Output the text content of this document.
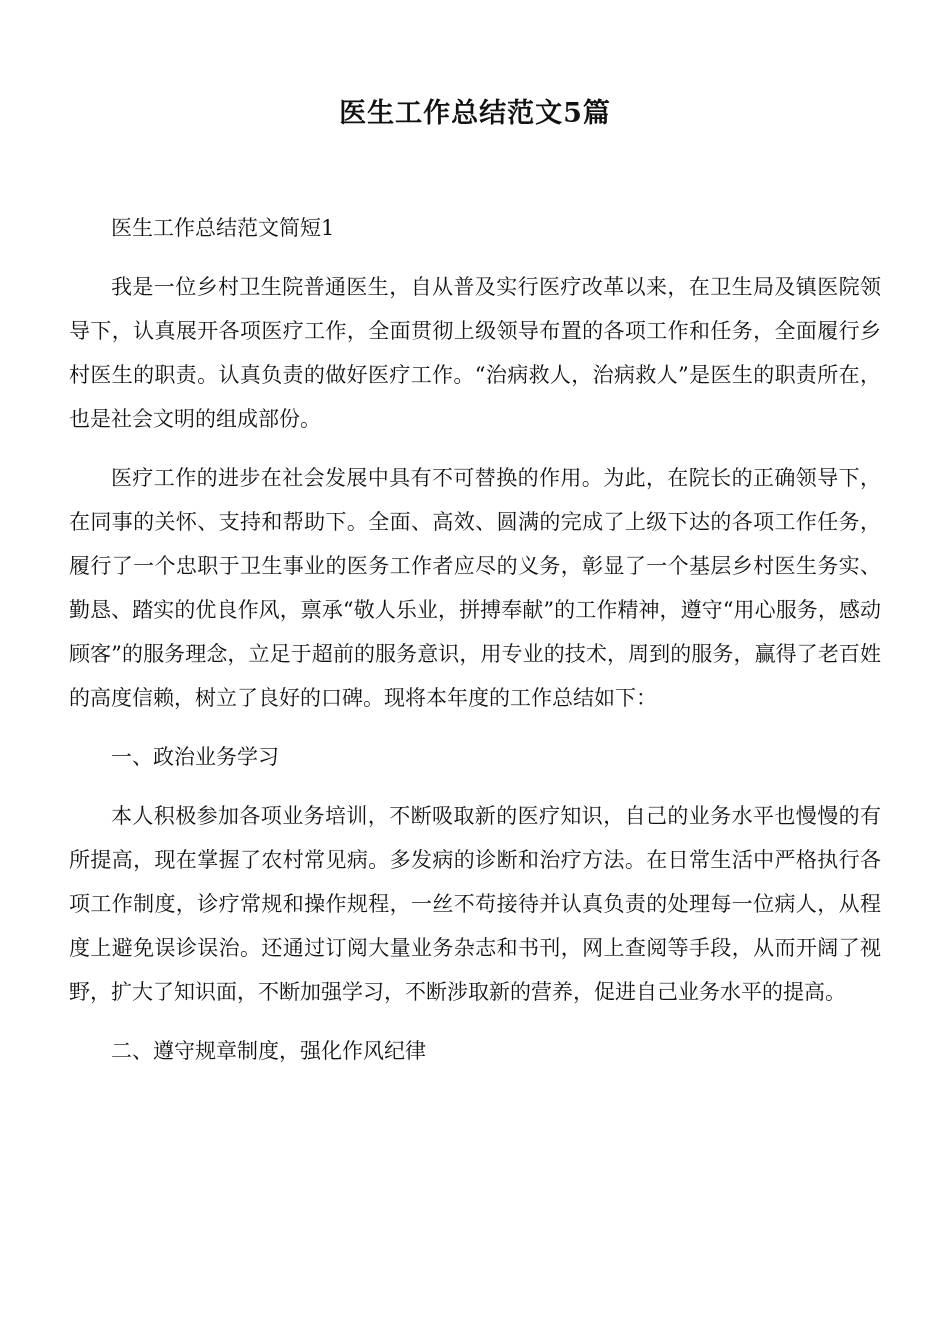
医生工作总结范文5篇

医生工作总结范文简短1

我是一位乡村卫生院普通医生，自从普及实行医疗改革以来，在卫生局及镇医院领导下，认真展开各项医疗工作，全面贯彻上级领导布置的各项工作和任务，全面履行乡村医生的职责。认真负责的做好医疗工作。“治病救人，治病救人”是医生的职责所在，也是社会文明的组成部份。

医疗工作的进步在社会发展中具有不可替换的作用。为此，在院长的正确领导下，在同事的关怀、支持和帮助下。全面、高效、圆满的完成了上级下达的各项工作任务，履行了一个忠职于卫生事业的医务工作者应尽的义务，彰显了一个基层乡村医生务实、勤恳、踏实的优良作风，禀承“敬人乐业，拼搏奉献”的工作精神，遵守“用心服务，感动顾客”的服务理念，立足于超前的服务意识，用专业的技术，周到的服务，赢得了老百姓的高度信赖，树立了良好的口碑。现将本年度的工作总结如下：

一、政治业务学习

本人积极参加各项业务培训，不断吸取新的医疗知识，自己的业务水平也慢慢的有所提高，现在掌握了农村常见病。多发病的诊断和治疗方法。在日常生活中严格执行各项工作制度，诊疗常规和操作规程，一丝不苟接待并认真负责的处理每一位病人，从程度上避免误诊误治。还通过订阅大量业务杂志和书刊，网上查阅等手段，从而开阔了视野，扩大了知识面，不断加强学习，不断涉取新的营养，促进自己业务水平的提高。

二、遵守规章制度，强化作风纪律
